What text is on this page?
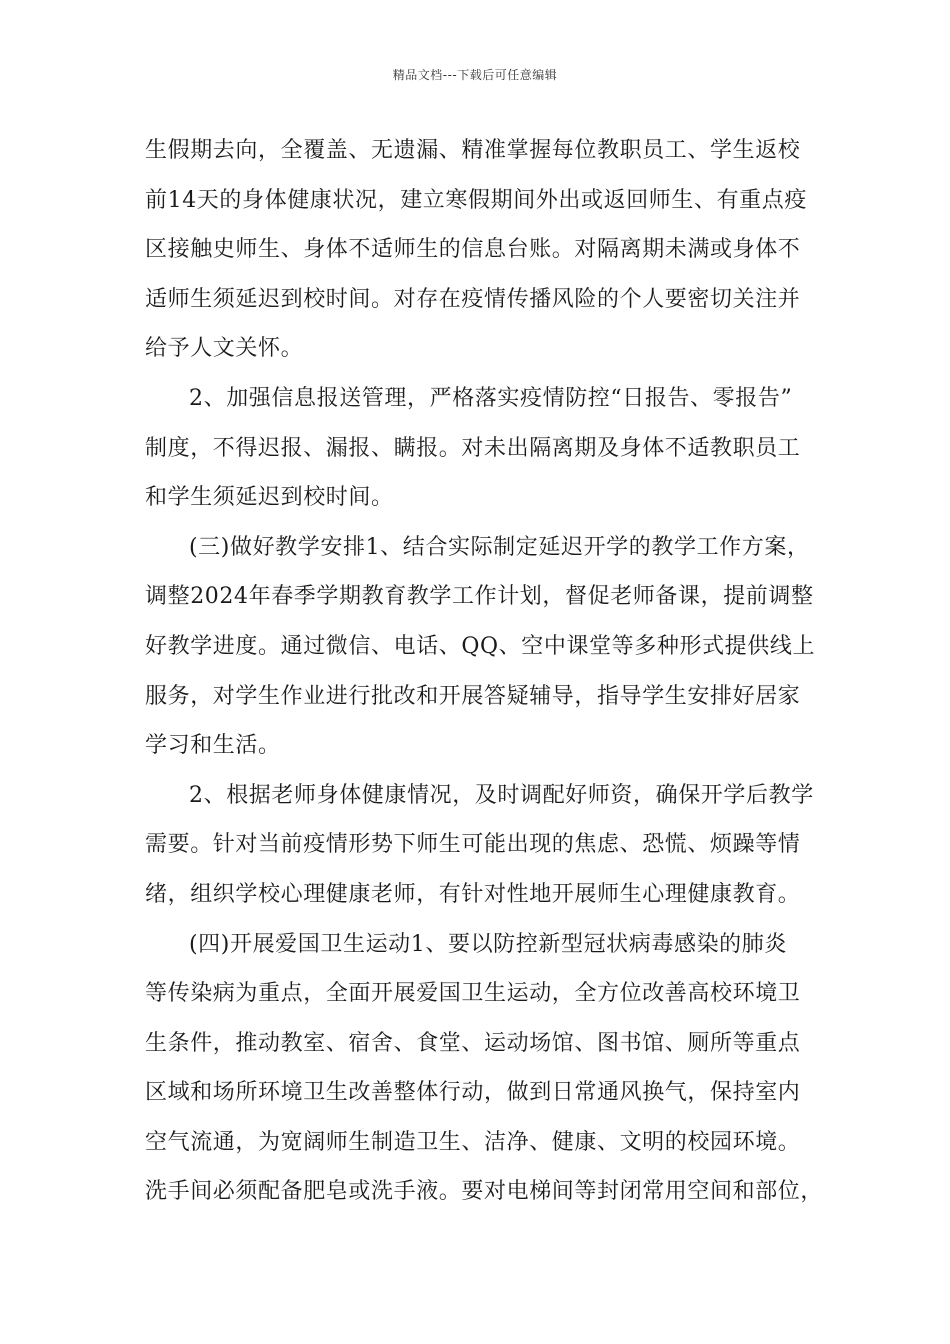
精品文档---下载后可任意编辑
生假期去向，全覆盖、无遗漏、精准掌握每位教职员工、学生返校
前14天的身体健康状况，建立寒假期间外出或返回师生、有重点疫
区接触史师生、身体不适师生的信息台账。对隔离期未满或身体不
适师生须延迟到校时间。对存在疫情传播风险的个人要密切关注并
给予人文关怀。
2、加强信息报送管理，严格落实疫情防控“日报告、零报告”
制度，不得迟报、漏报、瞒报。对未出隔离期及身体不适教职员工
和学生须延迟到校时间。
(三)做好教学安排1、结合实际制定延迟开学的教学工作方案，
调整2024年春季学期教育教学工作计划，督促老师备课，提前调整
好教学进度。通过微信、电话、QQ、空中课堂等多种形式提供线上
服务，对学生作业进行批改和开展答疑辅导，指导学生安排好居家
学习和生活。
2、根据老师身体健康情况，及时调配好师资，确保开学后教学
需要。针对当前疫情形势下师生可能出现的焦虑、恐慌、烦躁等情
绪，组织学校心理健康老师，有针对性地开展师生心理健康教育。
(四)开展爱国卫生运动1、要以防控新型冠状病毒感染的肺炎
等传染病为重点，全面开展爱国卫生运动，全方位改善高校环境卫
生条件，推动教室、宿舍、食堂、运动场馆、图书馆、厕所等重点
区域和场所环境卫生改善整体行动，做到日常通风换气，保持室内
空气流通，为宽阔师生制造卫生、洁净、健康、文明的校园环境。
洗手间必须配备肥皂或洗手液。要对电梯间等封闭常用空间和部位，
